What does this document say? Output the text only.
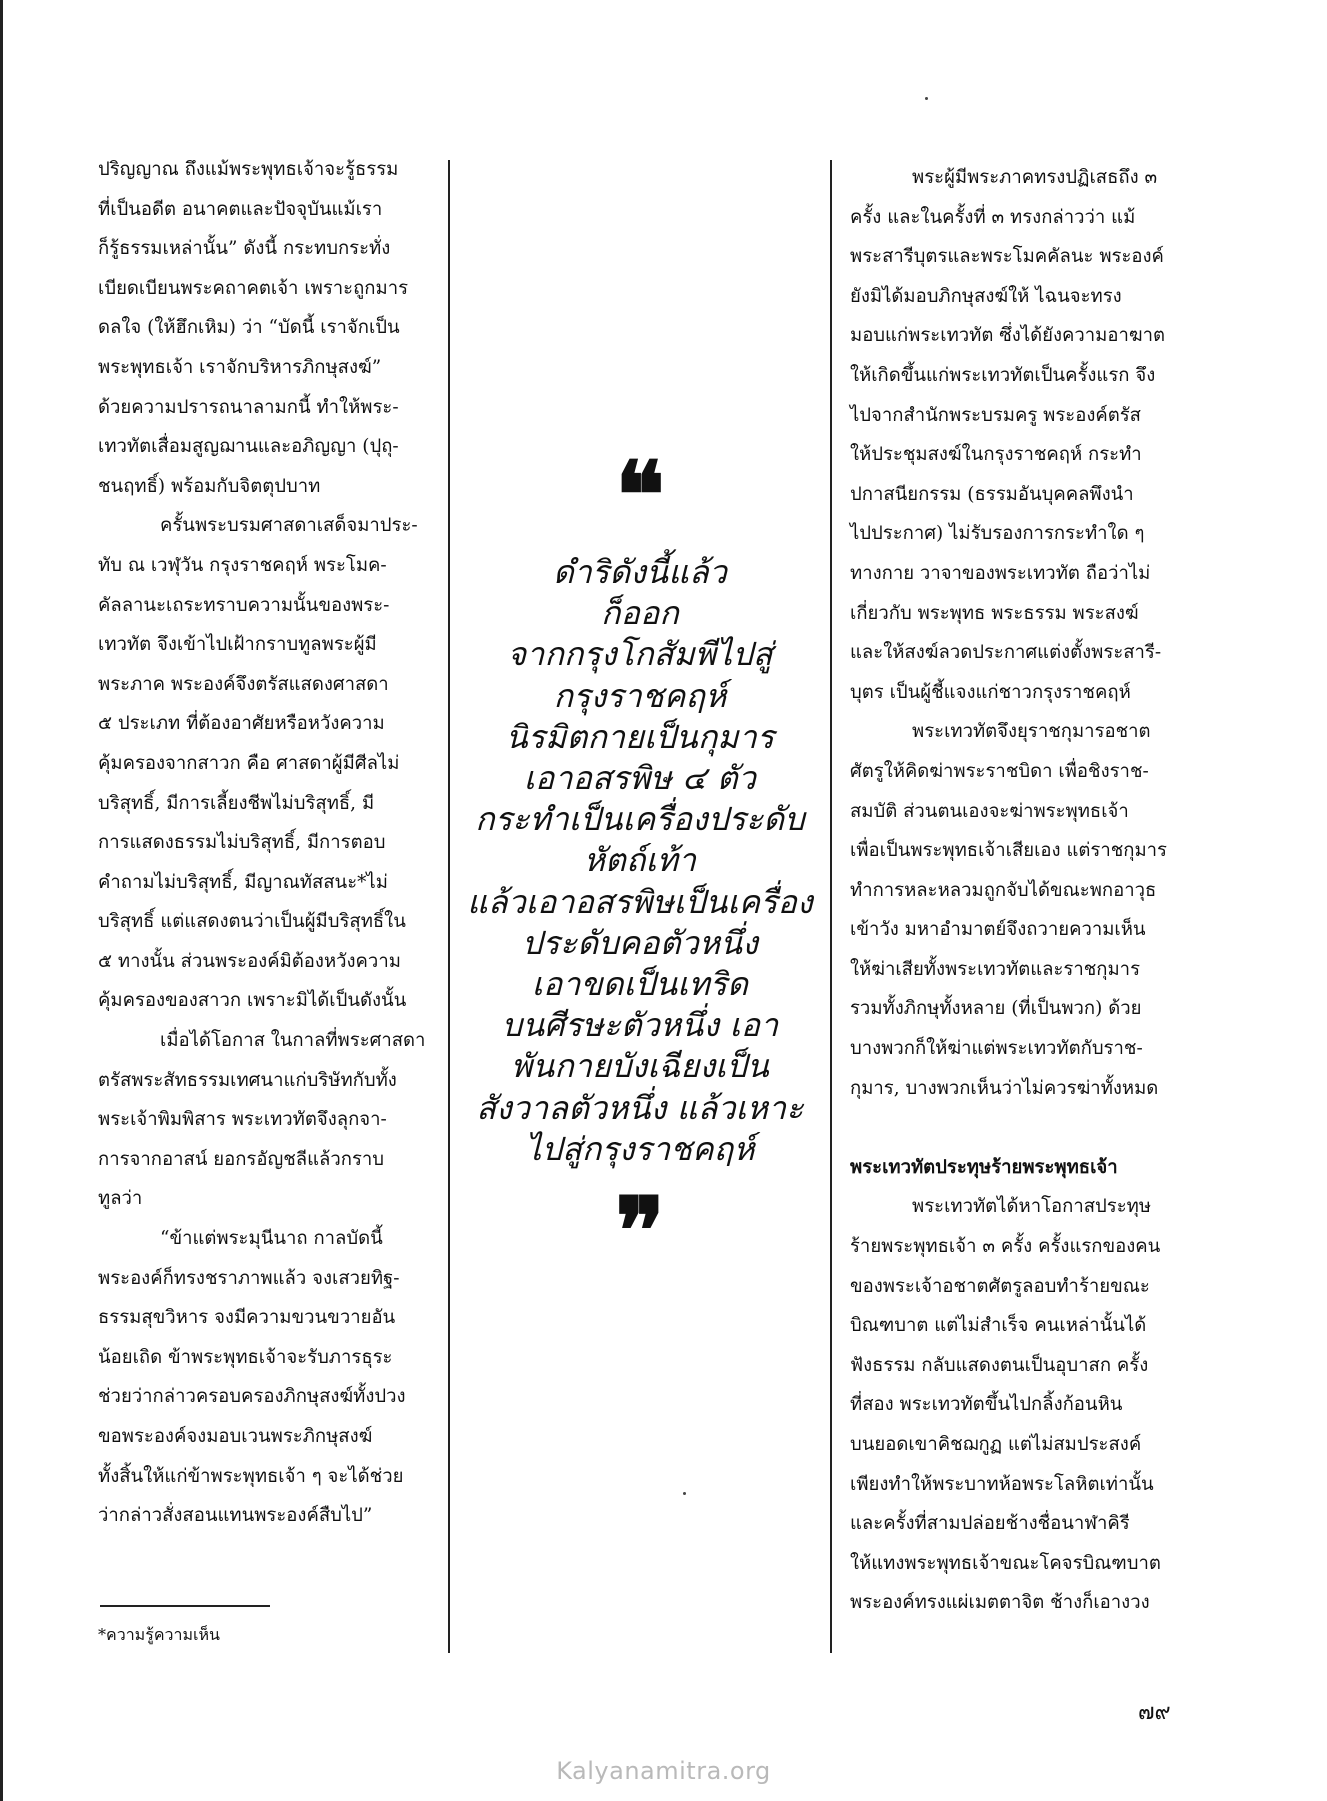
ปริญญาณ ถึงแม้พระพุทธเจ้าจะรู้ธรรม
ที่เป็นอดีต อนาคตและปัจจุบันแม้เรา
ก็รู้ธรรมเหล่านั้น” ดังนี้ กระทบกระทั่ง
เบียดเบียนพระคถาคตเจ้า เพราะถูกมาร
ดลใจ (ให้ฮึกเหิม) ว่า “บัดนี้ เราจักเป็น
พระพุทธเจ้า เราจักบริหารภิกษุสงฆ์”
ด้วยความปรารถนาลามกนี้ ทำให้พระ-
เทวทัตเสื่อมสูญฌานและอภิญญา (ปุถุ-
ชนฤทธิ์) พร้อมกับจิตตุปบาท
ครั้นพระบรมศาสดาเสด็จมาประ-
ทับ ณ เวฬุวัน กรุงราชคฤห์ พระโมค-
คัลลานะเถระทราบความนั้นของพระ-
เทวทัต จึงเข้าไปเฝ้ากราบทูลพระผู้มี
พระภาค พระองค์จึงตรัสแสดงศาสดา
๕ ประเภท ที่ต้องอาศัยหรือหวังความ
คุ้มครองจากสาวก คือ ศาสดาผู้มีศีลไม่
บริสุทธิ์, มีการเลี้ยงชีพไม่บริสุทธิ์, มี
การแสดงธรรมไม่บริสุทธิ์, มีการตอบ
คำถามไม่บริสุทธิ์, มีญาณทัสสนะ*ไม่
บริสุทธิ์ แต่แสดงตนว่าเป็นผู้มีบริสุทธิ์ใน
๕ ทางนั้น ส่วนพระองค์มิต้องหวังความ
คุ้มครองของสาวก เพราะมิได้เป็นดังนั้น
เมื่อได้โอกาส ในกาลที่พระศาสดา
ตรัสพระสัทธรรมเทศนาแก่บริษัทกับทั้ง
พระเจ้าพิมพิสาร พระเทวทัตจึงลุกจา-
การจากอาสน์ ยอกรอัญชลีแล้วกราบ
ทูลว่า
“ข้าแต่พระมุนีนาถ กาลบัดนี้
พระองค์ก็ทรงชราภาพแล้ว จงเสวยทิฐ-
ธรรมสุขวิหาร จงมีความขวนขวายอัน
น้อยเถิด ข้าพระพุทธเจ้าจะรับภารธุระ
ช่วยว่ากล่าวครอบครองภิกษุสงฆ์ทั้งปวง
ขอพระองค์จงมอบเวนพระภิกษุสงฆ์
ทั้งสิ้นให้แก่ข้าพระพุทธเจ้า ๆ จะได้ช่วย
ว่ากล่าวสั่งสอนแทนพระองค์สืบไป”
❝
ดำริดังนี้แล้ว
ก็ออก
จากกรุงโกสัมพีไปสู่
กรุงราชคฤห์
นิรมิตกายเป็นกุมาร
เอาอสรพิษ ๔ ตัว
กระทำเป็นเครื่องประดับ
หัตถ์เท้า
แล้วเอาอสรพิษเป็นเครื่อง
ประดับคอตัวหนึ่ง
เอาขดเป็นเทริด
บนศีรษะตัวหนึ่ง เอา
พันกายบังเฉียงเป็น
สังวาลตัวหนึ่ง แล้วเหาะ
ไปสู่กรุงราชคฤห์
❞
พระผู้มีพระภาคทรงปฏิเสธถึง ๓
ครั้ง และในครั้งที่ ๓ ทรงกล่าวว่า แม้
พระสารีบุตรและพระโมคคัลนะ พระองค์
ยังมิได้มอบภิกษุสงฆ์ให้ ไฉนจะทรง
มอบแก่พระเทวทัต ซึ่งได้ยังความอาฆาต
ให้เกิดขึ้นแก่พระเทวทัตเป็นครั้งแรก จึง
ไปจากสำนักพระบรมครู พระองค์ตรัส
ให้ประชุมสงฆ์ในกรุงราชคฤห์ กระทำ
ปกาสนียกรรม (ธรรมอันบุคคลพึงนำ
ไปประกาศ) ไม่รับรองการกระทำใด ๆ
ทางกาย วาจาของพระเทวทัต ถือว่าไม่
เกี่ยวกับ พระพุทธ พระธรรม พระสงฆ์
และให้สงฆ์ลวดประกาศแต่งตั้งพระสารี-
บุตร เป็นผู้ชี้แจงแก่ชาวกรุงราชคฤห์
พระเทวทัตจึงยุราชกุมารอชาต
ศัตรูให้คิดฆ่าพระราชบิดา เพื่อชิงราช-
สมบัติ ส่วนตนเองจะฆ่าพระพุทธเจ้า
เพื่อเป็นพระพุทธเจ้าเสียเอง แต่ราชกุมาร
ทำการหละหลวมถูกจับได้ขณะพกอาวุธ
เข้าวัง มหาอำมาตย์จึงถวายความเห็น
ให้ฆ่าเสียทั้งพระเทวทัตและราชกุมาร
รวมทั้งภิกษุทั้งหลาย (ที่เป็นพวก) ด้วย
บางพวกก็ให้ฆ่าแต่พระเทวทัตกับราช-
กุมาร, บางพวกเห็นว่าไม่ควรฆ่าทั้งหมด
พระเทวทัตประทุษร้ายพระพุทธเจ้า
พระเทวทัตได้หาโอกาสประทุษ
ร้ายพระพุทธเจ้า ๓ ครั้ง ครั้งแรกของคน
ของพระเจ้าอชาตศัตรูลอบทำร้ายขณะ
บิณฑบาต แต่ไม่สำเร็จ คนเหล่านั้นได้
ฟังธรรม กลับแสดงตนเป็นอุบาสก ครั้ง
ที่สอง พระเทวทัตขึ้นไปกลิ้งก้อนหิน
บนยอดเขาคิชฌกูฏ แต่ไม่สมประสงค์
เพียงทำให้พระบาทห้อพระโลหิตเท่านั้น
และครั้งที่สามปล่อยช้างชื่อนาฬาคิรี
ให้แทงพระพุทธเจ้าขณะโคจรบิณฑบาต
พระองค์ทรงแผ่เมตตาจิต ช้างก็เอางวง
*ความรู้ความเห็น
๗๙
Kalyanamitra.org
